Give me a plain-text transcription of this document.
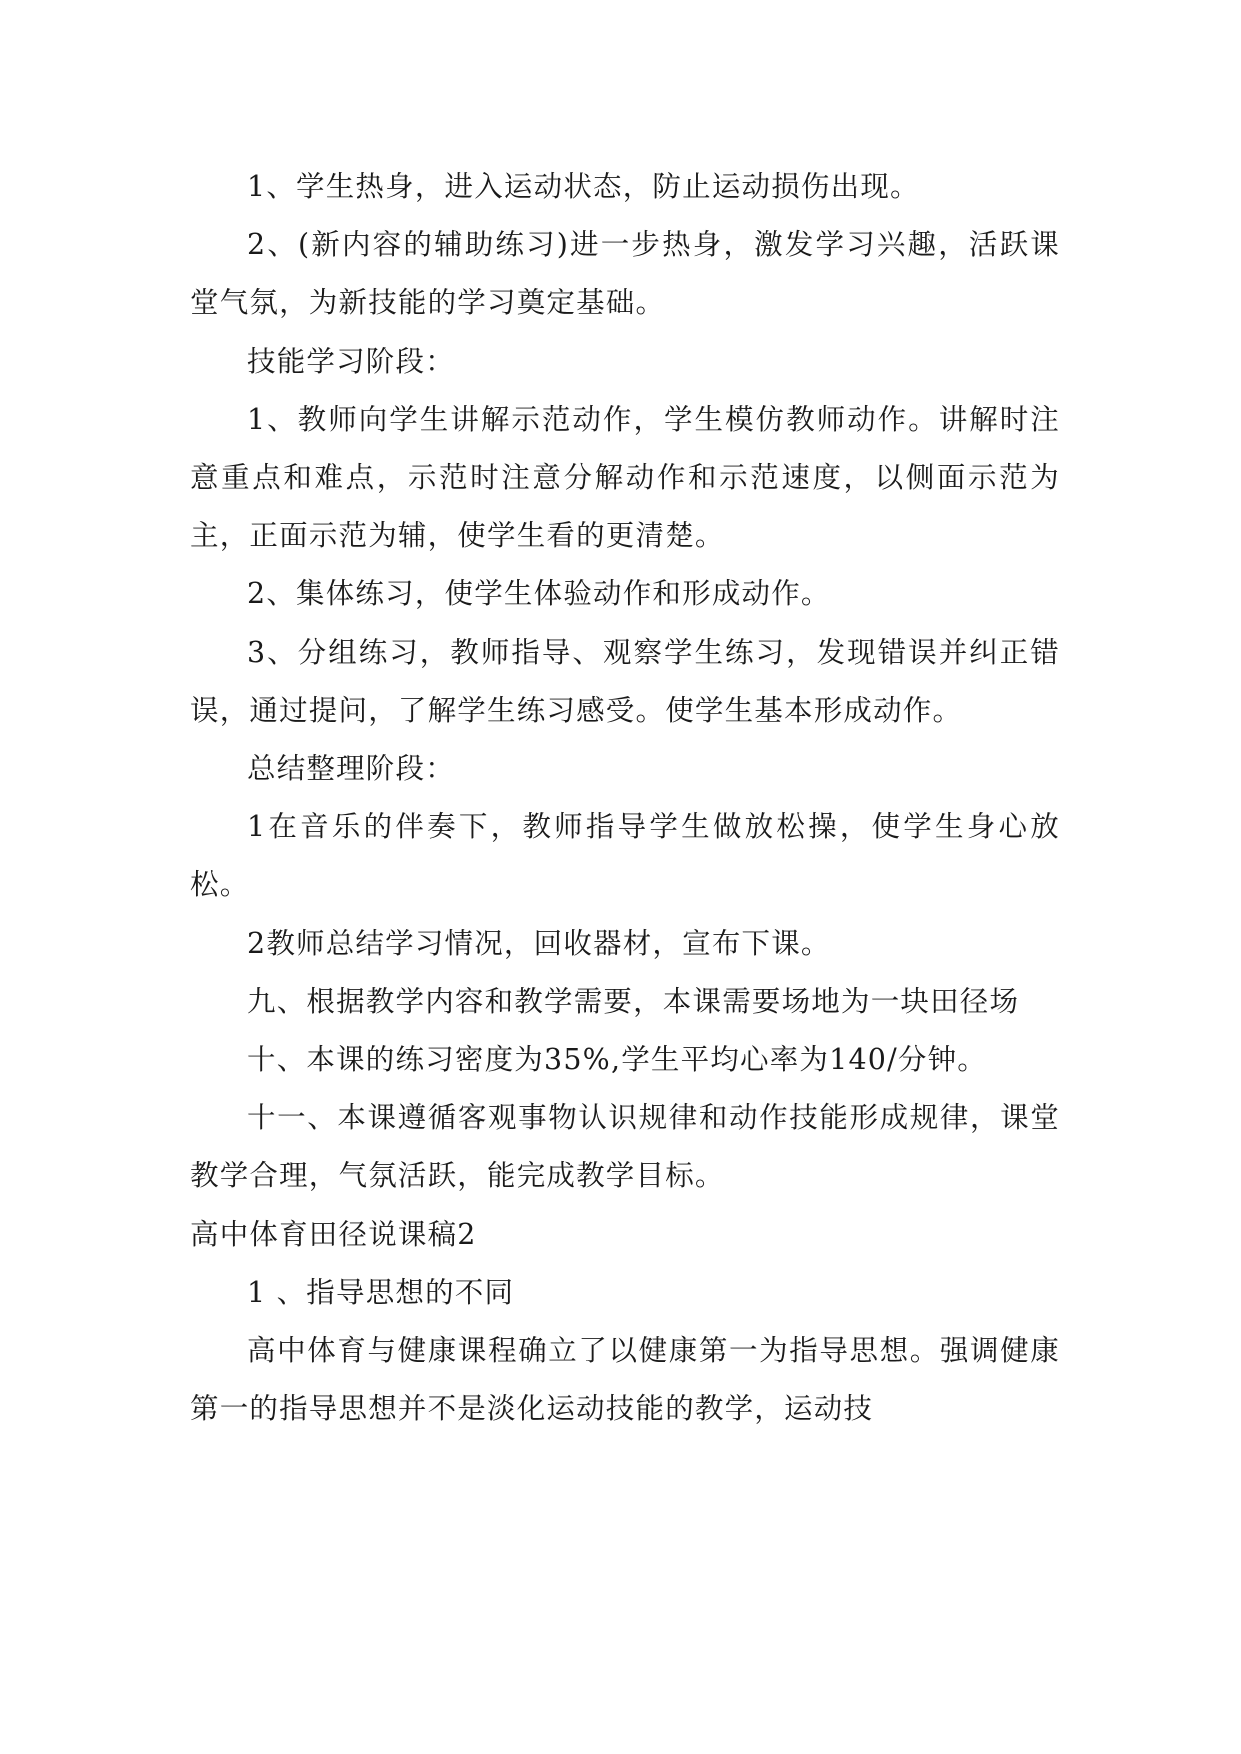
1、学生热身，进入运动状态，防止运动损伤出现。

2、(新内容的辅助练习)进一步热身，激发学习兴趣，活跃课堂气氛，为新技能的学习奠定基础。

技能学习阶段：

1、教师向学生讲解示范动作，学生模仿教师动作。讲解时注意重点和难点，示范时注意分解动作和示范速度，以侧面示范为主，正面示范为辅，使学生看的更清楚。

2、集体练习，使学生体验动作和形成动作。

3、分组练习，教师指导、观察学生练习，发现错误并纠正错误，通过提问，了解学生练习感受。使学生基本形成动作。

总结整理阶段：

1在音乐的伴奏下，教师指导学生做放松操，使学生身心放松。

2教师总结学习情况，回收器材，宣布下课。

九、根据教学内容和教学需要，本课需要场地为一块田径场

十、本课的练习密度为35%,学生平均心率为140/分钟。

十一、本课遵循客观事物认识规律和动作技能形成规律，课堂教学合理，气氛活跃，能完成教学目标。

高中体育田径说课稿2

1 、指导思想的不同

高中体育与健康课程确立了以健康第一为指导思想。强调健康第一的指导思想并不是淡化运动技能的教学，运动技
